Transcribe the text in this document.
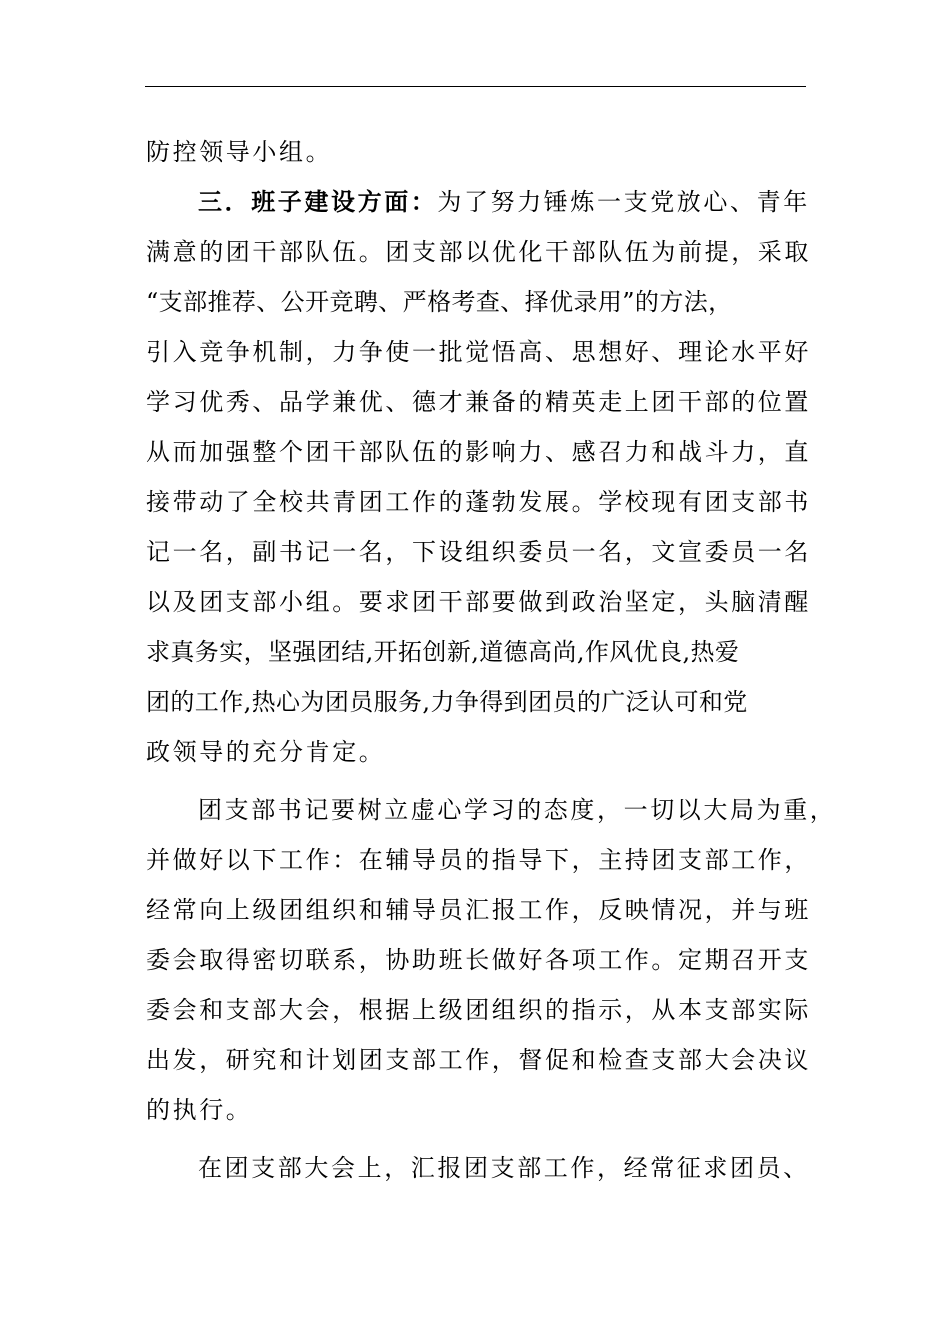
防控领导小组。
三．班子建设方面：为了努力锤炼一支党放心、青年
满意的团干部队伍。团支部以优化干部队伍为前提，采取
“支部推荐、公开竞聘、严格考查、择优录用”的方法，
引入竞争机制，力争使一批觉悟高、思想好、理论水平好
学习优秀、品学兼优、德才兼备的精英走上团干部的位置
从而加强整个团干部队伍的影响力、感召力和战斗力，直
接带动了全校共青团工作的蓬勃发展。学校现有团支部书
记一名，副书记一名，下设组织委员一名，文宣委员一名
以及团支部小组。要求团干部要做到政治坚定，头脑清醒
求真务实，坚强团结,开拓创新,道德高尚,作风优良,热爱
团的工作,热心为团员服务,力争得到团员的广泛认可和党
政领导的充分肯定。
团支部书记要树立虚心学习的态度，一切以大局为重，
并做好以下工作：在辅导员的指导下，主持团支部工作，
经常向上级团组织和辅导员汇报工作，反映情况，并与班
委会取得密切联系，协助班长做好各项工作。定期召开支
委会和支部大会，根据上级团组织的指示，从本支部实际
出发，研究和计划团支部工作，督促和检查支部大会决议
的执行。
在团支部大会上，汇报团支部工作，经常征求团员、
